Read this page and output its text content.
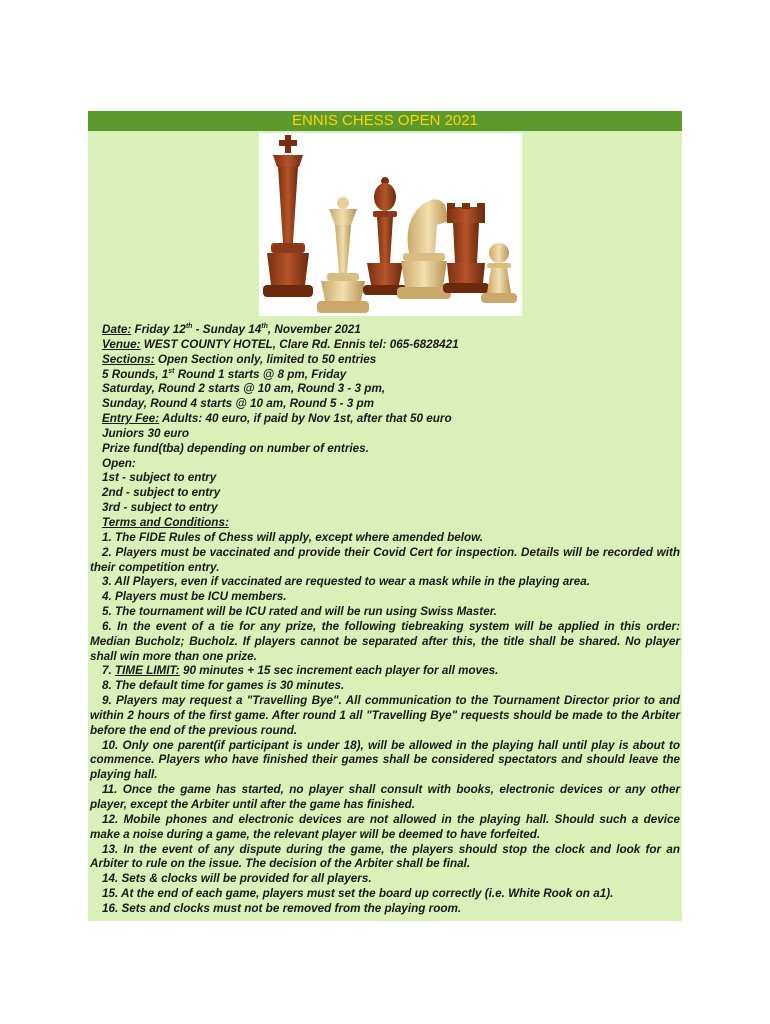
ENNIS CHESS OPEN 2021

Date: Friday 12th - Sunday 14th, November 2021

Venue: WEST COUNTY HOTEL, Clare Rd. Ennis tel: 065-6828421

Sections: Open Section only, limited to 50 entries

5 Rounds, 1st Round 1 starts @ 8 pm, Friday

Saturday, Round 2 starts @ 10 am, Round 3 - 3 pm,

Sunday, Round 4 starts @ 10 am, Round 5 - 3 pm

Entry Fee: Adults: 40 euro, if paid by Nov 1st, after that 50 euro

Juniors 30 euro

Prize fund(tba) depending on number of entries.

Open:

1st - subject to entry

2nd - subject to entry

3rd - subject to entry

Terms and Conditions:

1. The FIDE Rules of Chess will apply, except where amended below.

2. Players must be vaccinated and provide their Covid Cert for inspection. Details will be recorded with their competition entry.

3. All Players, even if vaccinated are requested to wear a mask while in the playing area.

4. Players must be ICU members.

5. The tournament will be ICU rated and will be run using Swiss Master.

6. In the event of a tie for any prize, the following tiebreaking system will be applied in this order: Median Bucholz; Bucholz. If players cannot be separated after this, the title shall be shared. No player shall win more than one prize.

7. TIME LIMIT: 90 minutes + 15 sec increment each player for all moves.

8. The default time for games is 30 minutes.

9. Players may request a "Travelling Bye". All communication to the Tournament Director prior to and within 2 hours of the first game. After round 1 all "Travelling Bye" requests should be made to the Arbiter before the end of the previous round.

10. Only one parent(if participant is under 18), will be allowed in the playing hall until play is about to commence. Players who have finished their games shall be considered spectators and should leave the playing hall.

11. Once the game has started, no player shall consult with books, electronic devices or any other player, except the Arbiter until after the game has finished.

12. Mobile phones and electronic devices are not allowed in the playing hall. Should such a device make a noise during a game, the relevant player will be deemed to have forfeited.

13. In the event of any dispute during the game, the players should stop the clock and look for an Arbiter to rule on the issue. The decision of the Arbiter shall be final.

14. Sets & clocks will be provided for all players.

15. At the end of each game, players must set the board up correctly (i.e. White Rook on a1).

16. Sets and clocks must not be removed from the playing room.
